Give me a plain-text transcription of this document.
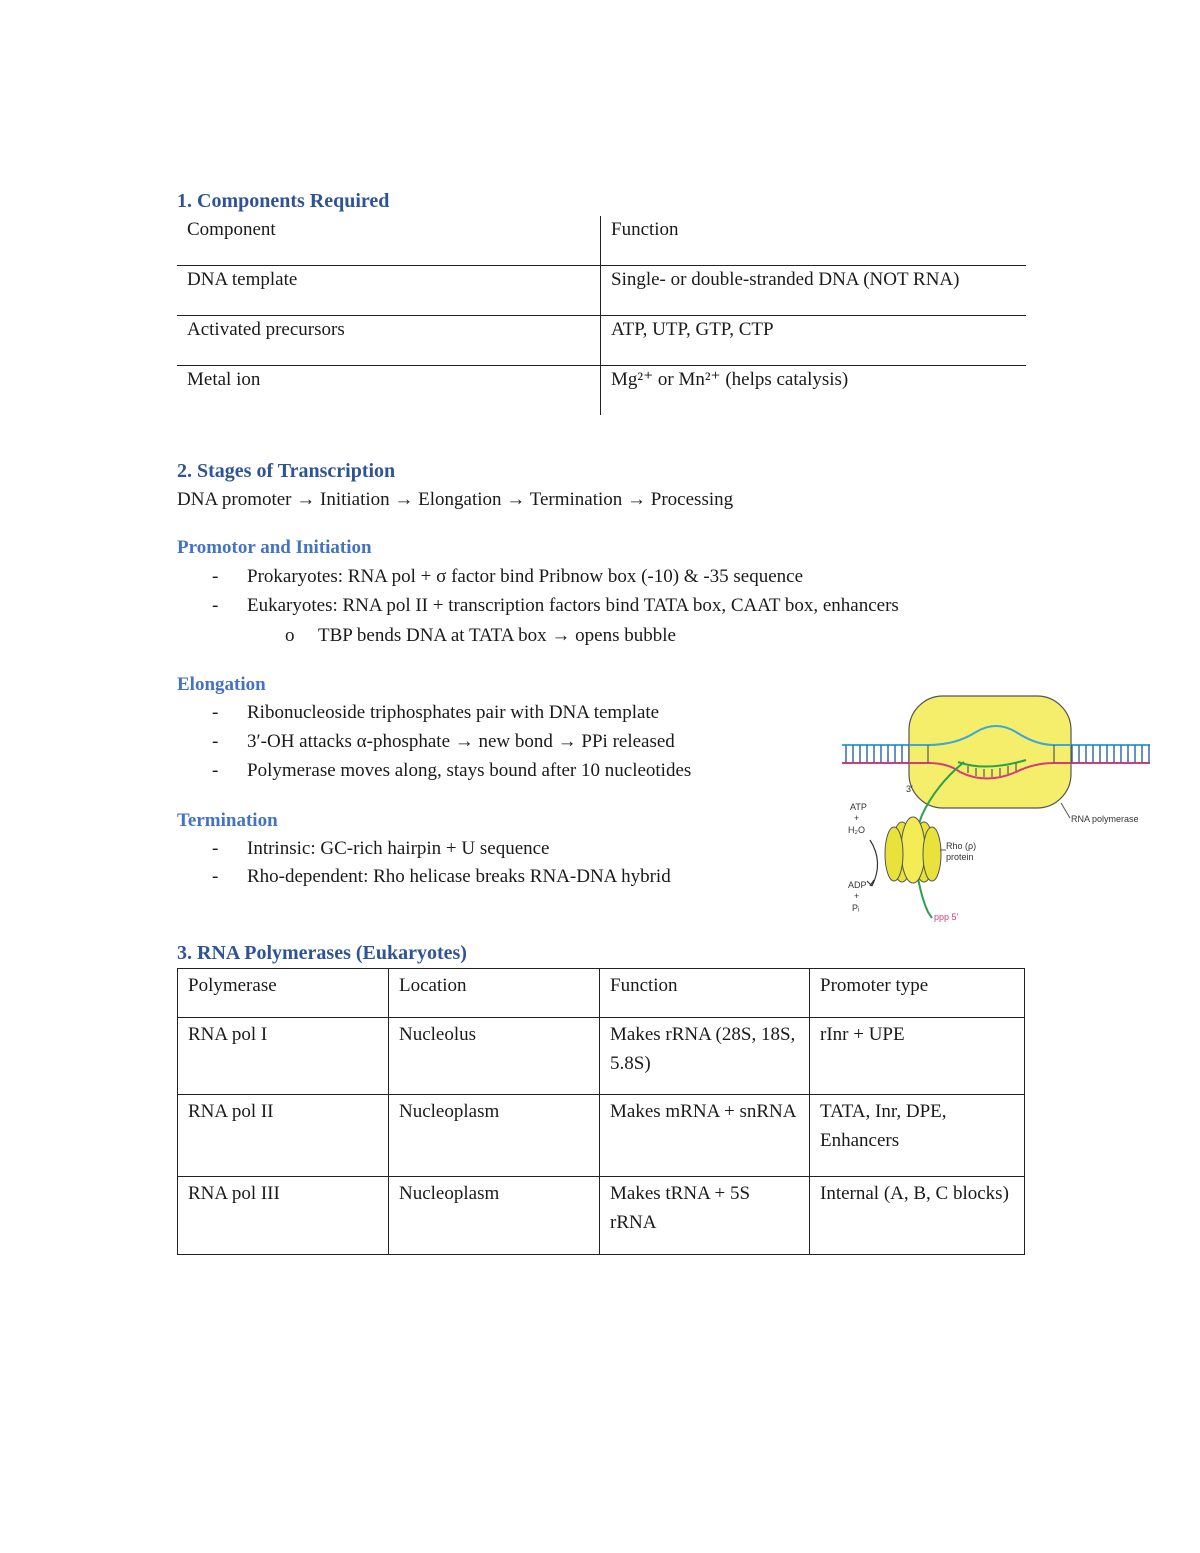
1. Components Required
Component	Function
DNA template	Single- or double-stranded DNA (NOT RNA)
Activated precursors	ATP, UTP, GTP, CTP
Metal ion	Mg²⁺ or Mn²⁺ (helps catalysis)
2. Stages of Transcription
DNA promoter → Initiation → Elongation → Termination → Processing
Promotor and Initiation
- Prokaryotes: RNA pol + σ factor bind Pribnow box (-10) & -35 sequence
- Eukaryotes: RNA pol II + transcription factors bind TATA box, CAAT box, enhancers
o TBP bends DNA at TATA box → opens bubble
Elongation
- Ribonucleoside triphosphates pair with DNA template
- 3′-OH attacks α-phosphate → new bond → PPi released
- Polymerase moves along, stays bound after 10 nucleotides
Termination
- Intrinsic: GC-rich hairpin + U sequence
- Rho-dependent: Rho helicase breaks RNA-DNA hybrid
ATP
+
H₂O
ADP
+
Pᵢ
RNA polymerase
Rho (ρ)
protein
ppp 5′
3′
3. RNA Polymerases (Eukaryotes)
Polymerase	Location	Function	Promoter type
RNA pol I	Nucleolus	Makes rRNA (28S, 18S, 5.8S)	rInr + UPE
RNA pol II	Nucleoplasm	Makes mRNA + snRNA	TATA, Inr, DPE, Enhancers
RNA pol III	Nucleoplasm	Makes tRNA + 5S rRNA	Internal (A, B, C blocks)
